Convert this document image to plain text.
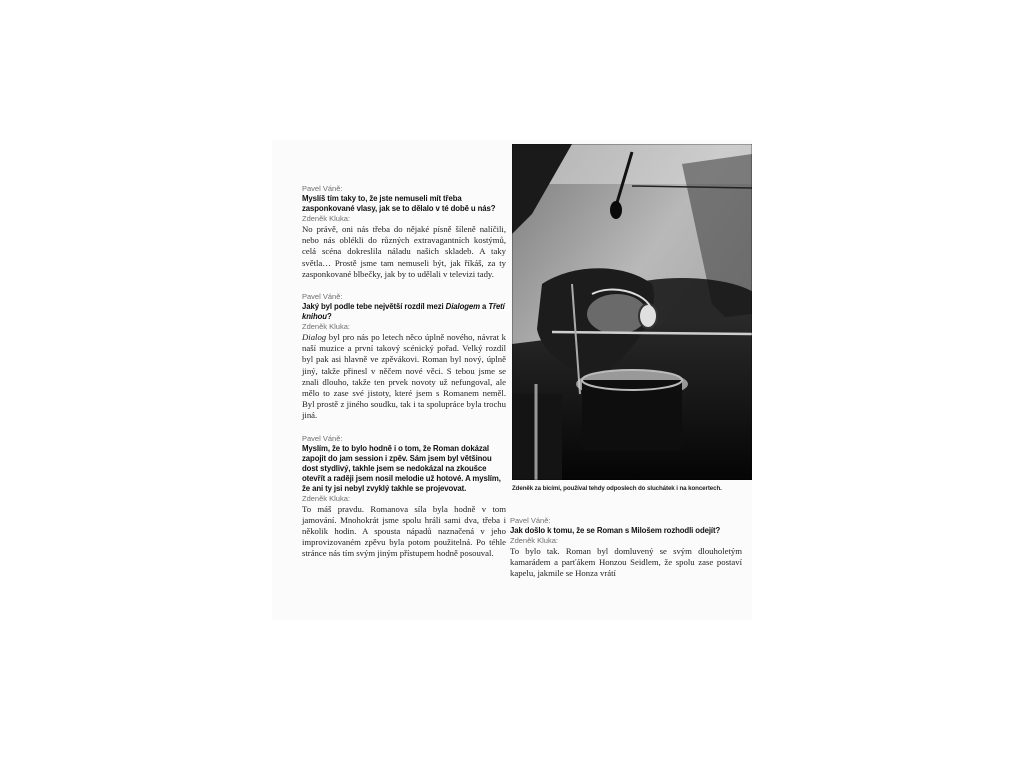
Pavel Váně:
Myslíš tím taky to, že jste nemuseli mít třeba zasponkované vlasy, jak se to dělalo v té době u nás?
Zdeněk Kluka:
No právě, oni nás třeba do nějaké písně šíleně nalíčili, nebo nás oblékli do různých extravagantních kostýmů, celá scéna dokreslila náladu našich skladeb. A taky světla… Prostě jsme tam nemuseli být, jak říkáš, za ty zasponkované blbečky, jak by to udělali v televizi tady.
Pavel Váně:
Jaký byl podle tebe největší rozdíl mezi Dialogem a Třetí knihou?
Zdeněk Kluka:
Dialog byl pro nás po letech něco úplně nového, návrat k naší muzice a první takový scénický pořad. Velký rozdíl byl pak asi hlavně ve zpěvákovi. Roman byl nový, úplně jiný, takže přinesl v něčem nové věci. S tebou jsme se znali dlouho, takže ten prvek novoty už nefungoval, ale mělo to zase své jistoty, které jsem s Romanem neměl. Byl prostě z jiného soudku, tak i ta spolupráce byla trochu jiná.
Pavel Váně:
Myslím, že to bylo hodně i o tom, že Roman dokázal zapojit do jam session i zpěv. Sám jsem byl většinou dost stydlivý, takhle jsem se nedokázal na zkoušce otevřít a raději jsem nosil melodie už hotové. A myslím, že ani ty jsi nebyl zvyklý takhle se projevovat.
Zdeněk Kluka:
To máš pravdu. Romanova síla byla hodně v tom jamování. Mnohokrát jsme spolu hráli sami dva, třeba i několik hodin. A spousta nápadů naznačená v jeho improvizovaném zpěvu byla potom použitelná. Po téhle stránce nás tím svým jiným přístupem hodně posouval.
Zdeněk za bicími, používal tehdy odposlech do sluchátek i na koncertech.
Pavel Váně:
Jak došlo k tomu, že se Roman s Milošem rozhodli odejít?
Zdeněk Kluka:
To bylo tak. Roman byl domluvený se svým dlouholetým kamarádem a parťákem Honzou Seidlem, že spolu zase postaví kapelu, jakmile se Honza vrátí
